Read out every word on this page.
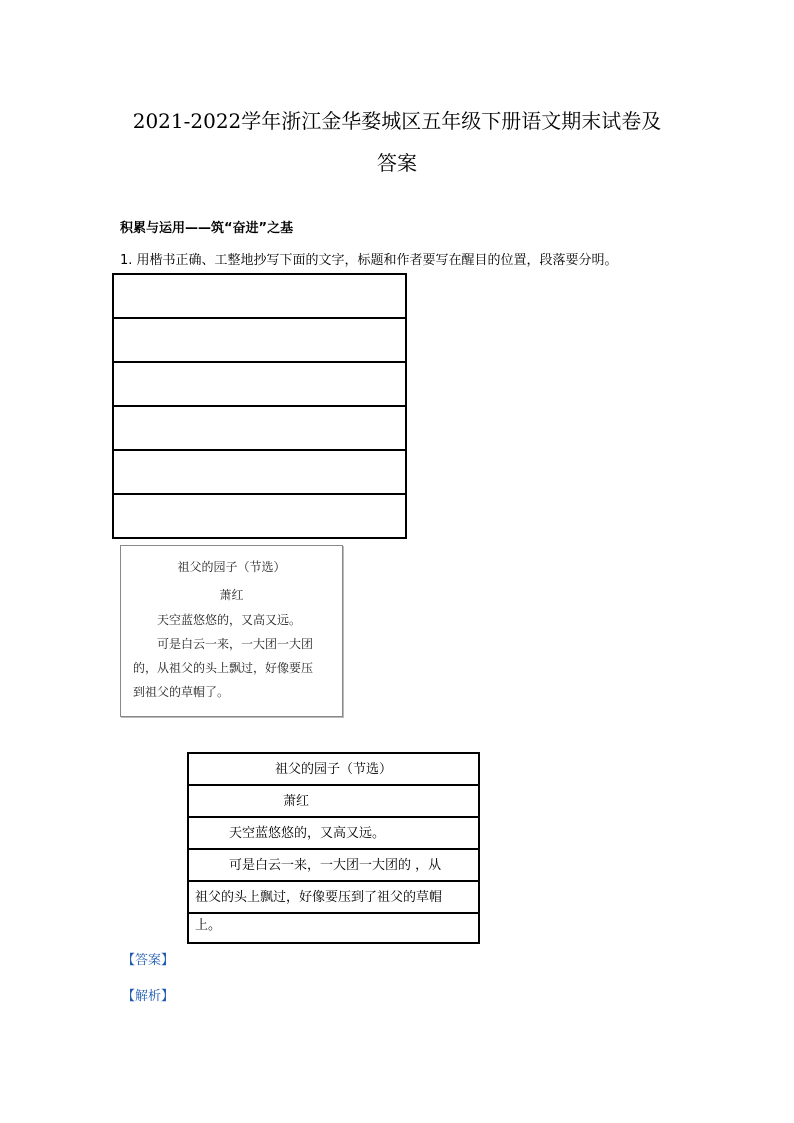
2021-2022学年浙江金华婺城区五年级下册语文期末试卷及
答案
积累与运用——筑“奋进”之基
1. 用楷书正确、工整地抄写下面的文字，标题和作者要写在醒目的位置，段落要分明。
祖父的园子（节选）
萧红
天空蓝悠悠的，又高又远。
可是白云一来，一大团一大团
的，从祖父的头上飘过，好像要压
到祖父的草帽了。
祖父的园子（节选）
萧红
天空蓝悠悠的，又高又远。
可是白云一来，一大团一大团的 ，从
祖父的头上飘过，好像要压到了祖父的草帽
上。
【答案】
【解析】
